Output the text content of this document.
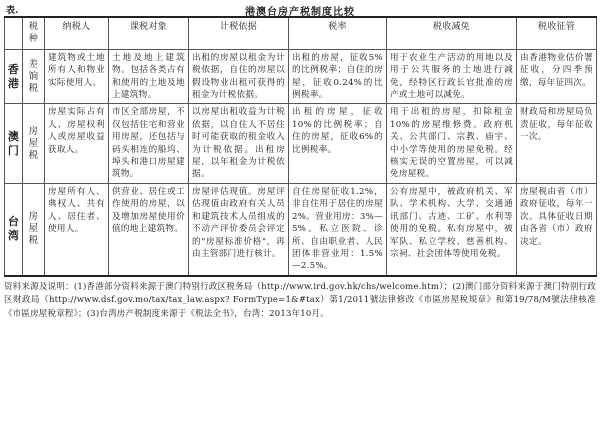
表.	港澳台房产税制度比较
	税种	纳税人	课税对象	计税依据	税率	税收减免	税收征管
香港	差饷税	建筑物或土地所有人和物业实际使用人。	土地及地上建筑物。包括各类占有和使用的土地及地上建筑物。	出租的房屋以租金为计税依据，自住的房屋以假设物业出租可获得的租金为计税依据。	出租的房屋，征收5%的比例税率；自住的房屋，征收0.24%的比例税率。	用于农业生产活动的用地以及用于公共服务的土地进行减免，经特区行政长官批准的房产或土地可以减免。	由香港物业估价署征收，分四季预缴，每年征四次。
澳门	房屋税	房屋实际占有人、房屋权利人或房屋收益获取人。	市区全部房屋，不仅包括住宅和营业用房屋，还包括与码头相连的船坞、埠头和港口房屋建筑物。	以房屋出租收益为计税依据，以自住人不居住时可能获取的租金收入为计税依据。出租房屋，以年租金为计税依据。	出租的房屋，征收10%的比例税率；自住的房屋，征收6%的比例税率。	用于出租的房屋，扣除租金10%的房屋维修费。政府机关、公共部门、宗教、庙宇、中小学等使用的房屋免税。经核实无误的空置房屋，可以减免房屋税。	财政局和房屋局负责征收，每年征收一次。
台湾	房屋税	房屋所有人、典权人、共有人、居住者、使用人。	供营业、居住或工作使用的房屋，以及增加房屋使用价值的地上建筑物。	房屋评估现值。房屋评估现值由政府有关人员和建筑技术人员组成的不动产评价委员会评定的"房屋标准价格"，再由主管部门进行核计。	自住房屋征收1.2%，非自住用于居住的房屋2%。营业用房：3%—5%。私立医院、诊所、自由职业者、人民团体非营业用：1.5%—2.5%。	公有房屋中，被政府机关、军队、学术机构、大学、交通通讯部门、古迹、工矿、水利等使用的免税。私有房屋中，被军队、私立学校、慈善机构、宗祠、社会团体等使用免税。	房屋税由省（市）政府征收，每年一次。具体征收日期由各省（市）政府决定。
资料来源及说明：(1)香港部分资料来源于澳门特别行政区税务局（http://www.ird.gov.hk/chs/welcome.htm）；(2)澳门部分资料来源于澳门特别行政区财政局（http://www.dsf.gov.mo/tax/tax_law.aspx? FormType=1&#tax）第1/2011號法律修改《市區房屋稅規章》和第19/78/M號法律核准《市區房屋稅章程》；(3)台湾房产税制度来源于《税法全书》，台湾：2013年10月。
